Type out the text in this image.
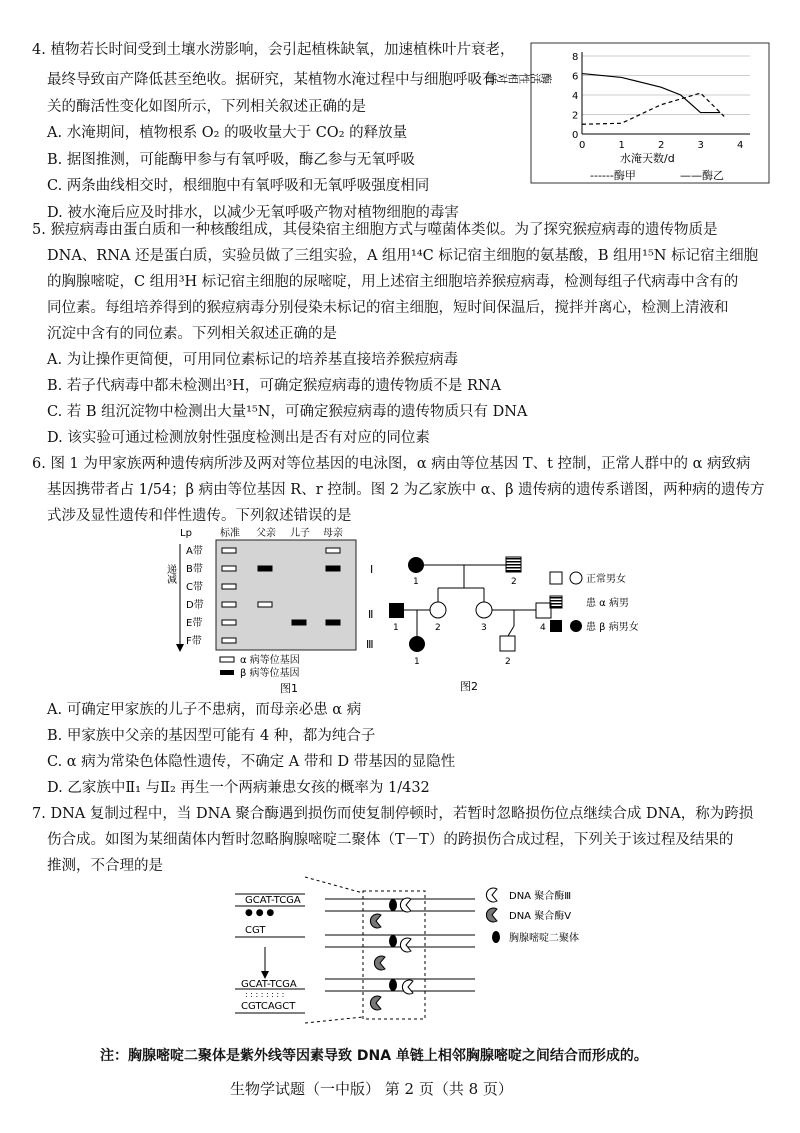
4. 植物若长时间受到土壤水涝影响，会引起植株缺氧，加速植株叶片衰老，
最终导致亩产降低甚至绝收。据研究，某植物水淹过程中与细胞呼吸有
关的酶活性变化如图所示，下列相关叙述正确的是
A. 水淹期间，植物根系 O₂ 的吸收量大于 CO₂ 的释放量
B. 据图推测，可能酶甲参与有氧呼吸，酶乙参与无氧呼吸
C. 两条曲线相交时，根细胞中有氧呼吸和无氧呼吸强度相同
D. 被水淹后应及时排水，以减少无氧呼吸产物对植物细胞的毒害
酶活性相对值
0
2
4
6
8
0	1	2	3	4
水淹天数/d
------酶甲	——酶乙
5. 猴痘病毒由蛋白质和一种核酸组成，其侵染宿主细胞方式与噬菌体类似。为了探究猴痘病毒的遗传物质是
DNA、RNA 还是蛋白质，实验员做了三组实验，A 组用¹⁴C 标记宿主细胞的氨基酸，B 组用¹⁵N 标记宿主细胞
的胸腺嘧啶，C 组用³H 标记宿主细胞的尿嘧啶，用上述宿主细胞培养猴痘病毒，检测每组子代病毒中含有的
同位素。每组培养得到的猴痘病毒分别侵染未标记的宿主细胞，短时间保温后，搅拌并离心，检测上清液和
沉淀中含有的同位素。下列相关叙述正确的是
A. 为让操作更简便，可用同位素标记的培养基直接培养猴痘病毒
B. 若子代病毒中都未检测出³H，可确定猴痘病毒的遗传物质不是 RNA
C. 若 B 组沉淀物中检测出大量¹⁵N，可确定猴痘病毒的遗传物质只有 DNA
D. 该实验可通过检测放射性强度检测出是否有对应的同位素
6. 图 1 为甲家族两种遗传病所涉及两对等位基因的电泳图，α 病由等位基因 T、t 控制，正常人群中的 α 病致病
基因携带者占 1/54；β 病由等位基因 R、r 控制。图 2 为乙家族中 α、β 遗传病的遗传系谱图，两种病的遗传方
式涉及显性遗传和伴性遗传。下列叙述错误的是
Lp
递减
标准 父亲 儿子 母亲
A带
B带
C带
D带
E带
F带
α 病等位基因
β 病等位基因
图1
Ⅰ
Ⅱ
Ⅲ
1	2
1	2	3	4
1	2
正常男女
患 α 病男
患 β 病男女
图2
A. 可确定甲家族的儿子不患病，而母亲必患 α 病
B. 甲家族中父亲的基因型可能有 4 种，都为纯合子
C. α 病为常染色体隐性遗传，不确定 A 带和 D 带基因的显隐性
D. 乙家族中Ⅱ₁ 与Ⅱ₂ 再生一个两病兼患女孩的概率为 1/432
7. DNA 复制过程中，当 DNA 聚合酶遇到损伤而使复制停顿时，若暂时忽略损伤位点继续合成 DNA，称为跨损
伤合成。如图为某细菌体内暂时忽略胸腺嘧啶二聚体（T－T）的跨损伤合成过程，下列关于该过程及结果的
推测，不合理的是
GCAT-TCGA
● ● ●
CGT
GCAT-TCGA
: : : : : : : :
CGTCAGCT
DNA 聚合酶Ⅲ
DNA 聚合酶Ⅴ
胸腺嘧啶二聚体
注：胸腺嘧啶二聚体是紫外线等因素导致 DNA 单链上相邻胸腺嘧啶之间结合而形成的。
生物学试题（一中版） 第 2 页（共 8 页）
